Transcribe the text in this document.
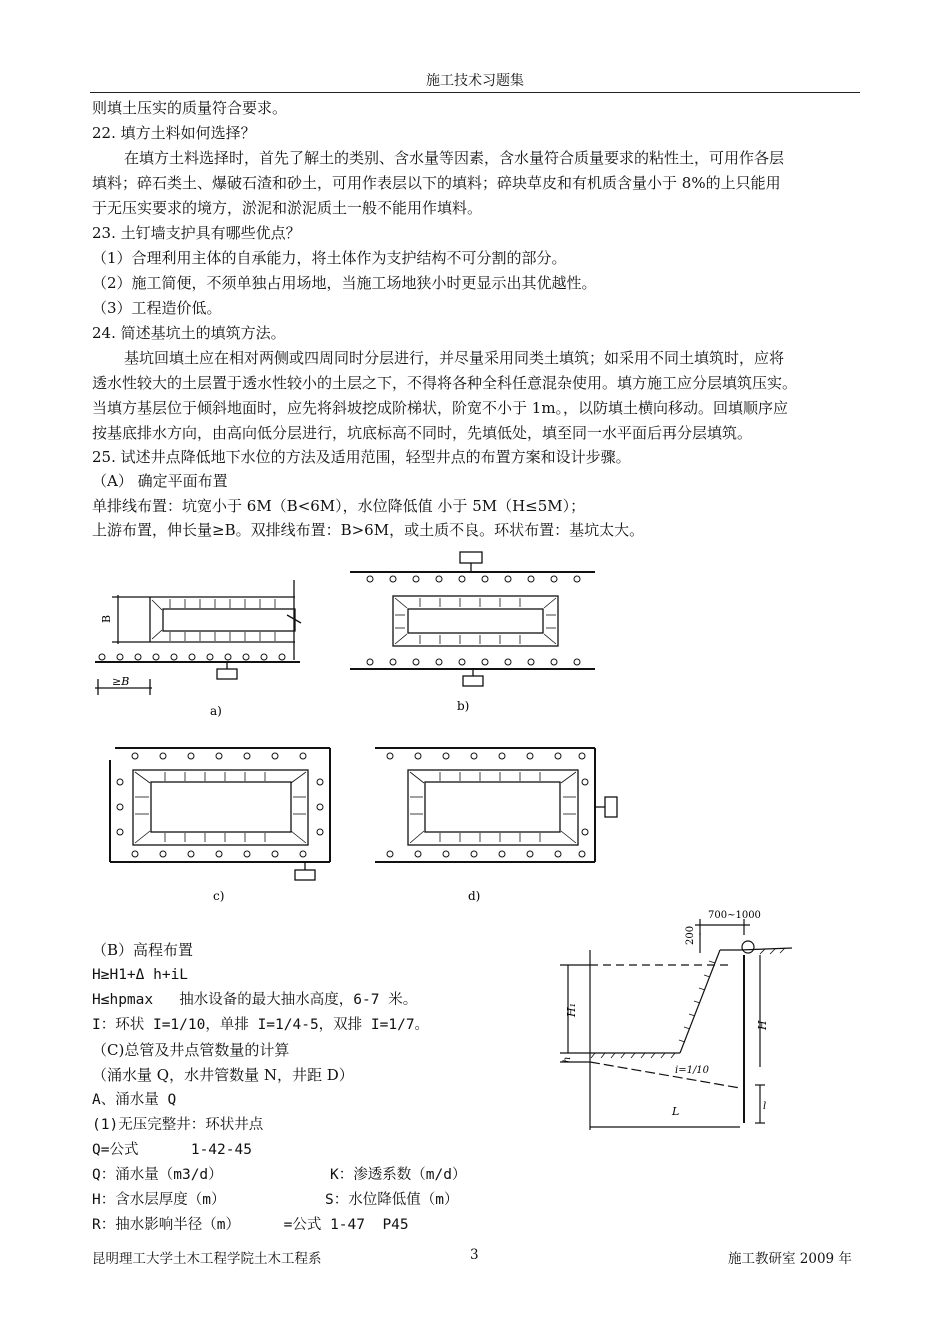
施工技术习题集
则填土压实的质量符合要求。
22. 填方土料如何选择？
在填方土料选择时，首先了解土的类别、含水量等因素，含水量符合质量要求的粘性土，可用作各层
填料；碎石类土、爆破石渣和砂土，可用作表层以下的填料；碎块草皮和有机质含量小于 8%的上只能用
于无压实要求的境方，淤泥和淤泥质土一般不能用作填料。
23. 土钉墙支护具有哪些优点？
（1）合理利用主体的自承能力，将土体作为支护结构不可分割的部分。
（2）施工简便，不须单独占用场地，当施工场地狭小时更显示出其优越性。
（3）工程造价低。
24. 简述基坑土的填筑方法。
基坑回填土应在相对两侧或四周同时分层进行，并尽量采用同类土填筑；如采用不同土填筑时，应将
透水性较大的土层置于透水性较小的土层之下，不得将各种全科任意混杂使用。填方施工应分层填筑压实。
当填方基层位于倾斜地面时，应先将斜坡挖成阶梯状，阶宽不小于 1m。，以防填土横向移动。回填顺序应
按基底排水方向，由高向低分层进行，坑底标高不同时，先填低处，填至同一水平面后再分层填筑。
25. 试述井点降低地下水位的方法及适用范围，轻型井点的布置方案和设计步骤。
（A） 确定平面布置
单排线布置：坑宽小于 6M（B<6M），水位降低值 小于 5M（H≤5M）；
上游布置，伸长量≥B。双排线布置：B>6M，或土质不良。环状布置：基坑太大。
B
≥B
a)	b)
c)	d)
（B）高程布置
H≥H1+Δ h+iL
H≤hpmax   抽水设备的最大抽水高度，6-7 米。
I：环状 I=1/10，单排 I=1/4-5，双排 I=1/7。
（C)总管及井点管数量的计算
（涌水量 Q，水井管数量 N，井距 D）
A、涌水量 Q
(1)无压完整井：环状井点
Q=公式      1-42-45
Q：涌水量（m3/d）	K：渗透系数（m/d）
H：含水层厚度（m）	S：水位降低值（m）
R：抽水影响半径（m）     =公式 1-47  P45
700~1000
200
H₁
H
h
i=1/10
l
L
昆明理工大学土木工程学院土木工程系	3	施工教研室 2009 年
